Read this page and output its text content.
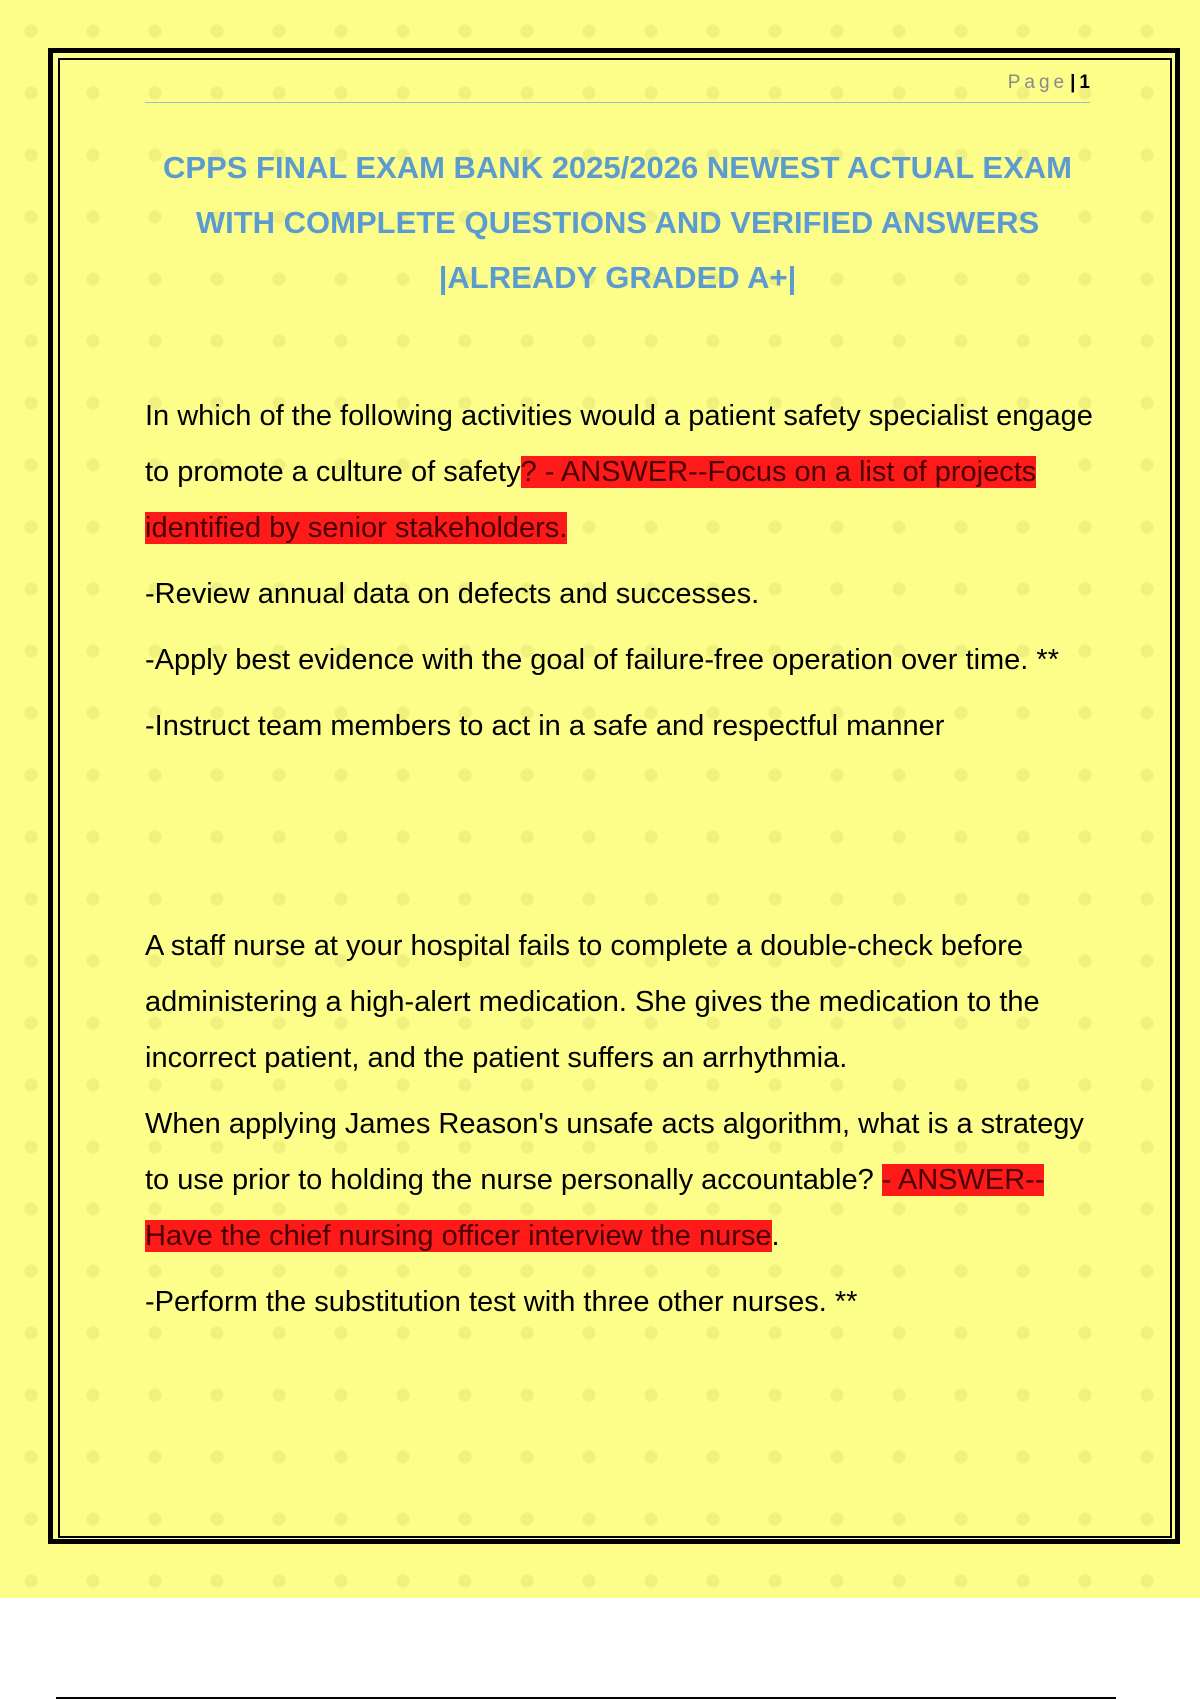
Page | 1
CPPS FINAL EXAM BANK 2025/2026 NEWEST ACTUAL EXAM WITH COMPLETE QUESTIONS AND VERIFIED ANSWERS |ALREADY GRADED A+|

In which of the following activities would a patient safety specialist engage to promote a culture of safety? - ANSWER--Focus on a list of projects identified by senior stakeholders.

-Review annual data on defects and successes.

-Apply best evidence with the goal of failure-free operation over time. **

-Instruct team members to act in a safe and respectful manner

A staff nurse at your hospital fails to complete a double-check before administering a high-alert medication. She gives the medication to the incorrect patient, and the patient suffers an arrhythmia.

When applying James Reason's unsafe acts algorithm, what is a strategy to use prior to holding the nurse personally accountable? - ANSWER--Have the chief nursing officer interview the nurse.

-Perform the substitution test with three other nurses. **
